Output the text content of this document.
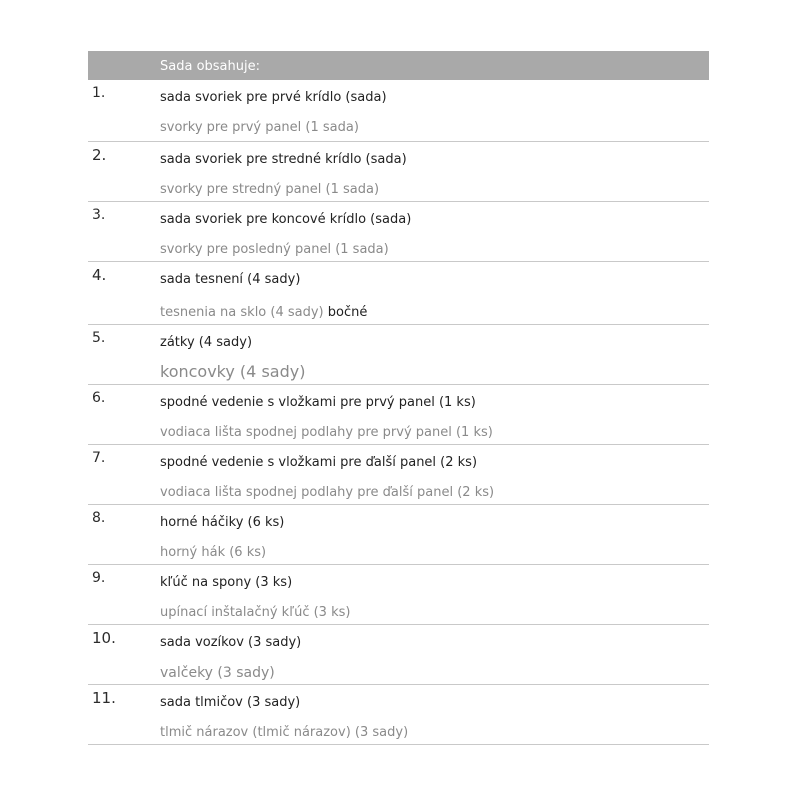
Sada obsahuje:
1.	sada svoriek pre prvé krídlo (sada)
svorky pre prvý panel (1 sada)
2.	sada svoriek pre stredné krídlo (sada)
svorky pre stredný panel (1 sada)
3.	sada svoriek pre koncové krídlo (sada)
svorky pre posledný panel (1 sada)
4.	sada tesnení (4 sady)
tesnenia na sklo (4 sady) bočné
5.	zátky (4 sady)
koncovky (4 sady)
6.	spodné vedenie s vložkami pre prvý panel (1 ks)
vodiaca lišta spodnej podlahy pre prvý panel (1 ks)
7.	spodné vedenie s vložkami pre ďalší panel (2 ks)
vodiaca lišta spodnej podlahy pre ďalší panel (2 ks)
8.	horné háčiky (6 ks)
horný hák (6 ks)
9.	kľúč na spony (3 ks)
upínací inštalačný kľúč (3 ks)
10.	sada vozíkov (3 sady)
valčeky (3 sady)
11.	sada tlmičov (3 sady)
tlmič nárazov (tlmič nárazov) (3 sady)
